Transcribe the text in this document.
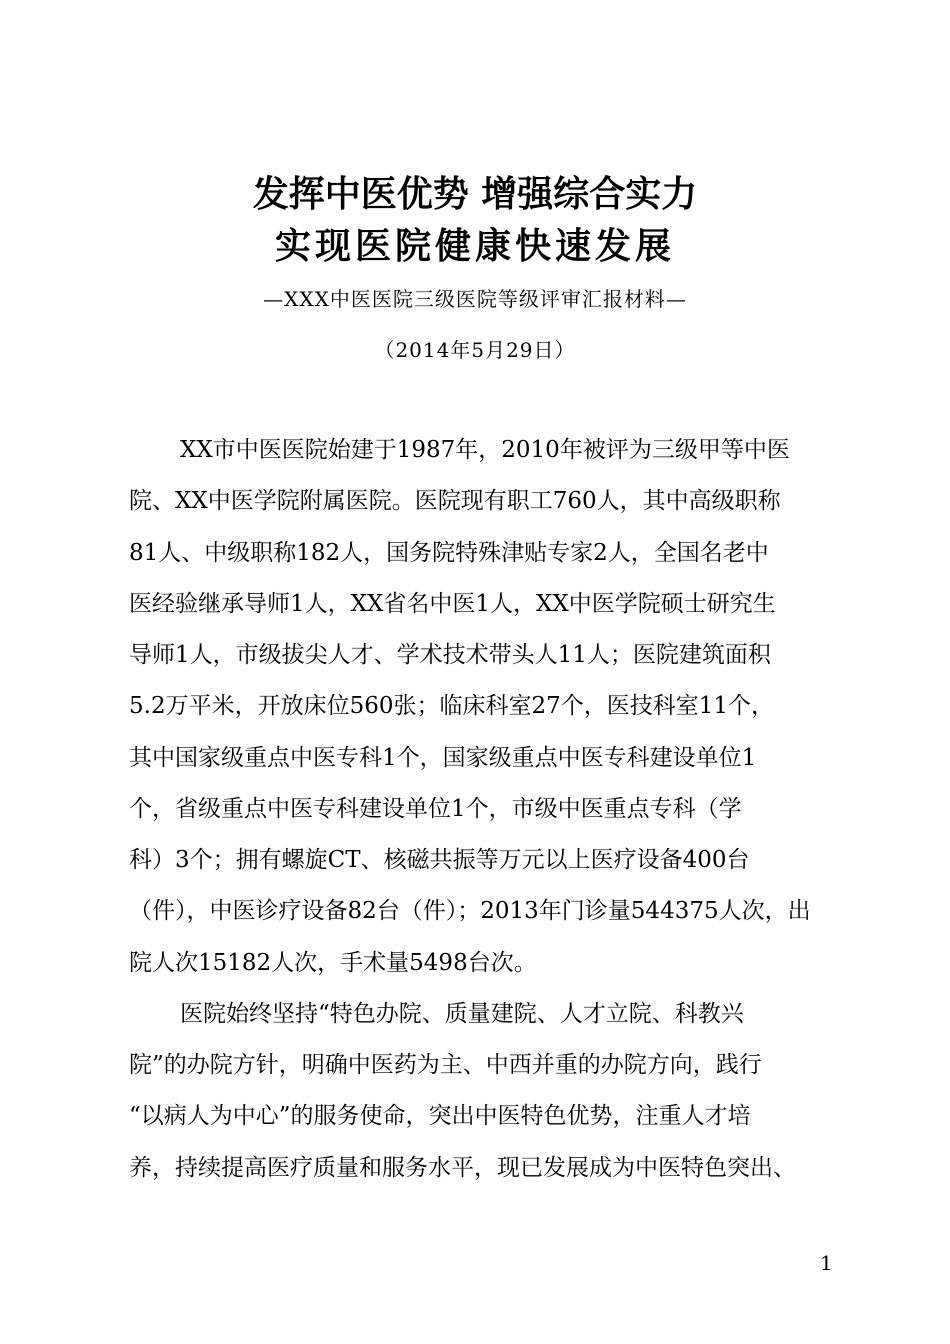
发挥中医优势 增强综合实力
实现医院健康快速发展
—XXX中医医院三级医院等级评审汇报材料—
（2014年5月29日）
XX市中医医院始建于1987年，2010年被评为三级甲等中医
院、XX中医学院附属医院。医院现有职工760人，其中高级职称
81人、中级职称182人，国务院特殊津贴专家2人，全国名老中
医经验继承导师1人，XX省名中医1人，XX中医学院硕士研究生
导师1人，市级拔尖人才、学术技术带头人11人；医院建筑面积
5.2万平米，开放床位560张；临床科室27个，医技科室11个，
其中国家级重点中医专科1个，国家级重点中医专科建设单位1
个，省级重点中医专科建设单位1个，市级中医重点专科（学
科）3个；拥有螺旋CT、核磁共振等万元以上医疗设备400台
（件），中医诊疗设备82台（件）；2013年门诊量544375人次，出
院人次15182人次，手术量5498台次。
医院始终坚持“特色办院、质量建院、人才立院、科教兴
院”的办院方针，明确中医药为主、中西并重的办院方向，践行
“以病人为中心”的服务使命，突出中医特色优势，注重人才培
养，持续提高医疗质量和服务水平，现已发展成为中医特色突出、
1
